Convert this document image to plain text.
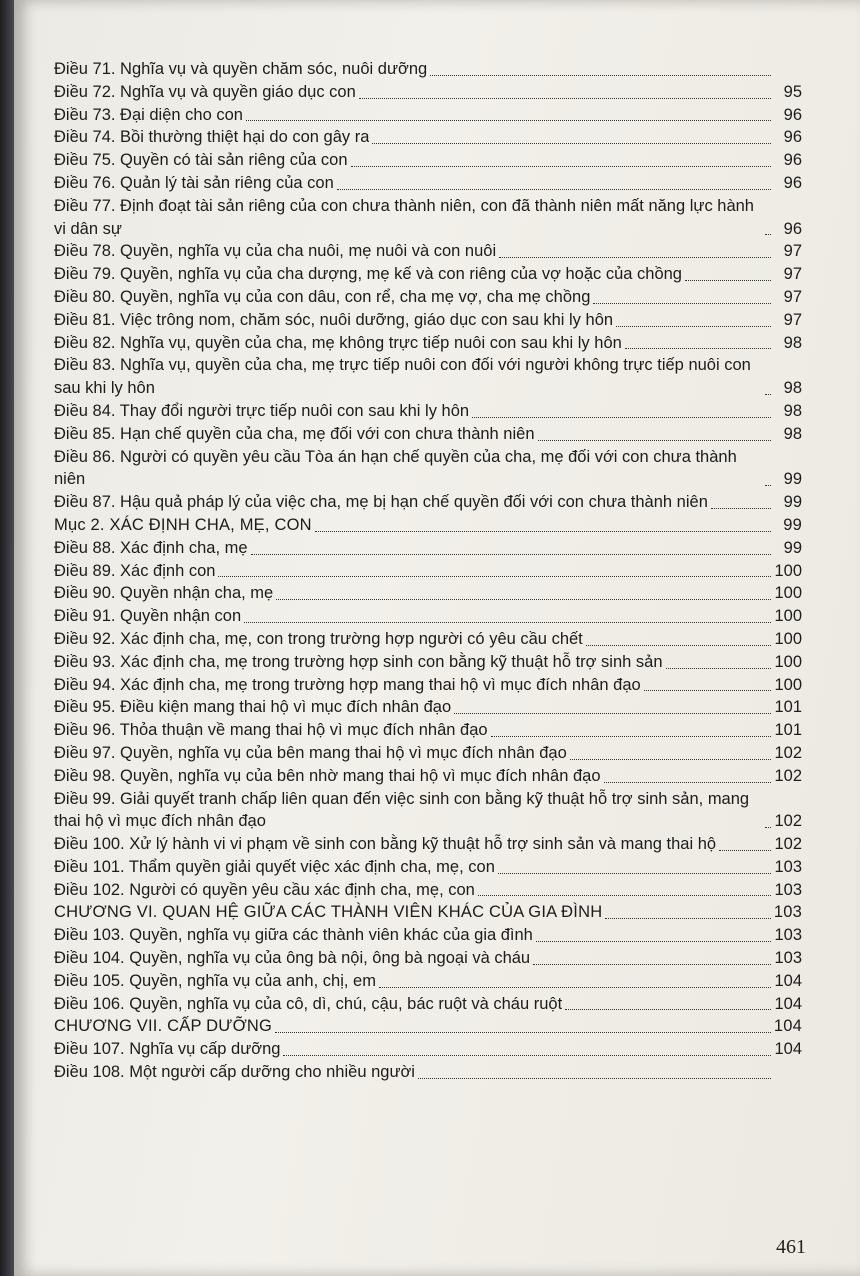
Điều 71. Nghĩa vụ và quyền chăm sóc, nuôi dưỡng
Điều 72. Nghĩa vụ và quyền giáo dục con	95
Điều 73. Đại diện cho con	96
Điều 74. Bồi thường thiệt hại do con gây ra	96
Điều 75. Quyền có tài sản riêng của con	96
Điều 76. Quản lý tài sản riêng của con	96
Điều 77. Định đoạt tài sản riêng của con chưa thành niên, con đã thành niên mất năng lực hành vi dân sự	96
Điều 78. Quyền, nghĩa vụ của cha nuôi, mẹ nuôi và con nuôi	97
Điều 79. Quyền, nghĩa vụ của cha dượng, mẹ kế và con riêng của vợ hoặc của chồng	97
Điều 80. Quyền, nghĩa vụ của con dâu, con rể, cha mẹ vợ, cha mẹ chồng	97
Điều 81. Việc trông nom, chăm sóc, nuôi dưỡng, giáo dục con sau khi ly hôn	97
Điều 82. Nghĩa vụ, quyền của cha, mẹ không trực tiếp nuôi con sau khi ly hôn	98
Điều 83. Nghĩa vụ, quyền của cha, mẹ trực tiếp nuôi con đối với người không trực tiếp nuôi con sau khi ly hôn	98
Điều 84. Thay đổi người trực tiếp nuôi con sau khi ly hôn	98
Điều 85. Hạn chế quyền của cha, mẹ đối với con chưa thành niên	98
Điều 86. Người có quyền yêu cầu Tòa án hạn chế quyền của cha, mẹ đối với con chưa thành niên	99
Điều 87. Hậu quả pháp lý của việc cha, mẹ bị hạn chế quyền đối với con chưa thành niên	99
Mục 2. XÁC ĐỊNH CHA, MẸ, CON	99
Điều 88. Xác định cha, mẹ	99
Điều 89. Xác định con	100
Điều 90. Quyền nhận cha, mẹ	100
Điều 91. Quyền nhận con	100
Điều 92. Xác định cha, mẹ, con trong trường hợp người có yêu cầu chết	100
Điều 93. Xác định cha, mẹ trong trường hợp sinh con bằng kỹ thuật hỗ trợ sinh sản	100
Điều 94. Xác định cha, mẹ trong trường hợp mang thai hộ vì mục đích nhân đạo	100
Điều 95. Điều kiện mang thai hộ vì mục đích nhân đạo	101
Điều 96. Thỏa thuận về mang thai hộ vì mục đích nhân đạo	101
Điều 97. Quyền, nghĩa vụ của bên mang thai hộ vì mục đích nhân đạo	102
Điều 98. Quyền, nghĩa vụ của bên nhờ mang thai hộ vì mục đích nhân đạo	102
Điều 99. Giải quyết tranh chấp liên quan đến việc sinh con bằng kỹ thuật hỗ trợ sinh sản, mang thai hộ vì mục đích nhân đạo	102
Điều 100. Xử lý hành vi vi phạm về sinh con bằng kỹ thuật hỗ trợ sinh sản và mang thai hộ	102
Điều 101. Thẩm quyền giải quyết việc xác định cha, mẹ, con	103
Điều 102. Người có quyền yêu cầu xác định cha, mẹ, con	103
CHƯƠNG VI. QUAN HỆ GIỮA CÁC THÀNH VIÊN KHÁC CỦA GIA ĐÌNH	103
Điều 103. Quyền, nghĩa vụ giữa các thành viên khác của gia đình	103
Điều 104. Quyền, nghĩa vụ của ông bà nội, ông bà ngoại và cháu	103
Điều 105. Quyền, nghĩa vụ của anh, chị, em	104
Điều 106. Quyền, nghĩa vụ của cô, dì, chú, cậu, bác ruột và cháu ruột	104
CHƯƠNG VII. CẤP DƯỠNG	104
Điều 107. Nghĩa vụ cấp dưỡng	104
Điều 108. Một người cấp dưỡng cho nhiều người
461
